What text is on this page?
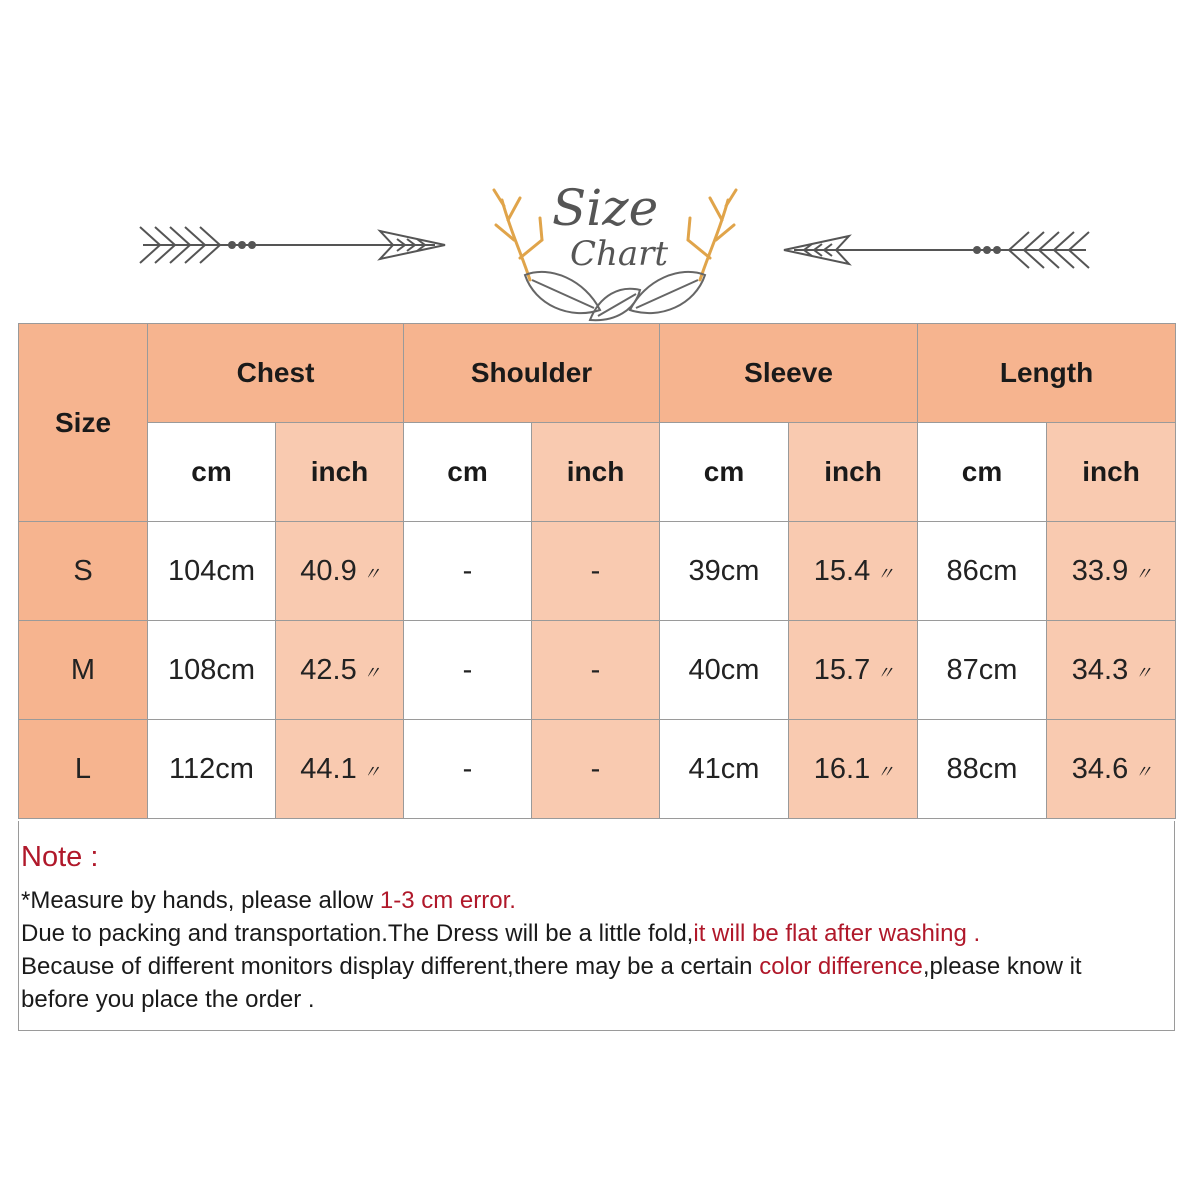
Size
Chart
Size	Chest		Shoulder		Sleeve		Length	
	cm	inch	cm	inch	cm	inch	cm	inch
S	104cm	40.9 〃	-	-	39cm	15.4 〃	86cm	33.9 〃
M	108cm	42.5 〃	-	-	40cm	15.7 〃	87cm	34.3 〃
L	112cm	44.1 〃	-	-	41cm	16.1 〃	88cm	34.6 〃
Note :
*Measure by hands, please allow 1-3 cm error.
Due to packing and transportation.The Dress will be a little fold,it will be flat after washing .
Because of different monitors display different,there may be a certain color difference,please know it
before you place the order .
